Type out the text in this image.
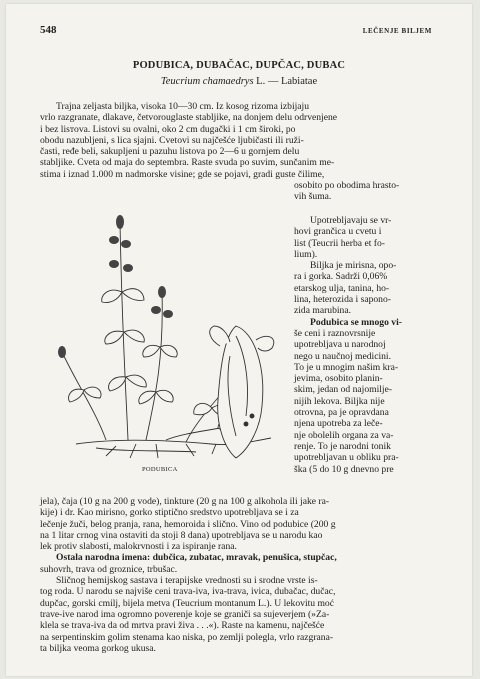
548	LEČENJE BILJEM
PODUBICA, DUBAČAC, DUPČAC, DUBAC
Teucrium chamaedrys L. — Labiatae
Trajna zeljasta biljka, visoka 10—30 cm. Iz kosog rizoma izbijaju
vrlo razgranate, dlakave, četvorouglaste stabljike, na donjem delu odrvenjene
i bez lisтova. Listovi su ovalni, oko 2 cm dugački i 1 cm široki, po
obodu nazubljeni, s lica sjajni. Cvetovi su najčešće ljubičasti ili ruži-
časti, ređe beli, sakupljeni u pazuhu listova po 2—6 u gornjem delu
stabljike. Cveta od maja do septembra. Raste svuda po suvim, sunčanim me-
stima i iznad 1.000 m nadmorske visine; gde se pojavi, gradi guste čilime,
osobito po obodima hrasto-
vih šuma.
PODUBICA
Upotrebljavaju se vr-
hovi grančica u cvetu i
list (Teucrii herba et fo-
lium).
Biljka je mirisna, opo-
ra i gorka. Sadrži 0,06%
etarskog ulja, tanina, ho-
lina, heterozida i sapono-
zida marubina.
Podubica se mnogo vi-
še ceni i raznovrsnije
upotrebljava u narodnoj
nego u naučnoj medicini.
To je u mnogim našim kra-
jevima, osobito planin-
skim, jedan od najomilje-
nijih lekova. Biljka nije
otrovna, pa je opravdana
njena upotreba za lečе-
nje obolelih organa za va-
renje. To je narodni tonik
upotrebljavan u obliku pra-
ška (5 do 10 g dnevno pre
jela), čaja (10 g na 200 g vode), tinkture (20 g na 100 g alkohola ili jake ra-
kije) i dr. Kao mirisno, gorko stiptično sredstvo upotrebljava se i za
lečenje žuči, belog pranja, rana, hemoroida i slično. Vino od podubice (200 g
na 1 litar crnog vina ostaviti da stoji 8 dana) upotrebljava se u narodu kao
lek protiv slabosti, malokrvnosti i za ispiranje rana.
Ostala narodna imena: dubčica, zubatac, mravak, penušica, stupčac,
suhovrh, trava od groznice, trbušac.
Sličnog hemijskog sastava i terapijske vrednosti su i srodne vrste is-
tog roda. U narodu se najviše ceni trava-iva, iva-trava, ivica, dubačac, dučac,
dupčac, gorski cmilj, bijela metva (Teucrium montanum L.). U lekovitu moć
trave-ive narod ima ogromno poverenje koje se graniči sa sujeverjem (»Za-
klela se trava-iva da od mrtva pravi živa . . .«). Raste na kamenu, najčešće
na serpentinskim golim stenama kao niska, po zemlji polegla, vrlo razgrana-
ta biljka veoma gorkog ukusa.
